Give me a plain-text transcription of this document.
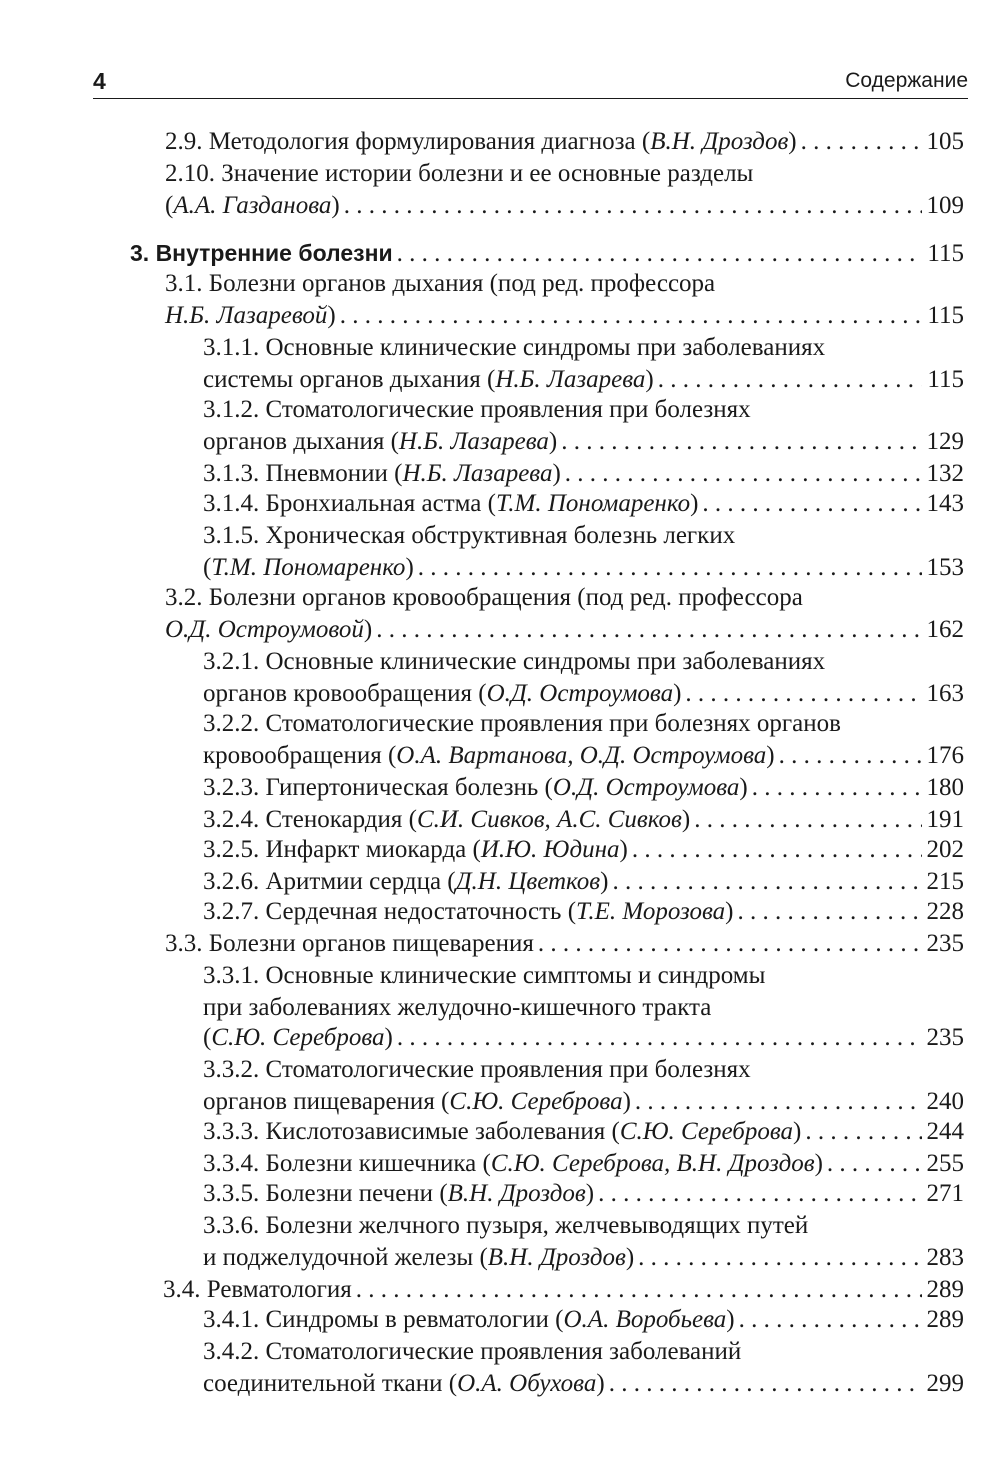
4	Содержание
2.9. Методология формулирования диагноза (В.Н. Дроздов) . . .	105
2.10. Значение истории болезни и ее основные разделы
(А.А. Газданова) . . .	109
3. Внутренние болезни . . .	115
3.1. Болезни органов дыхания (под ред. профессора
Н.Б. Лазаревой) . . .	115
3.1.1. Основные клинические синдромы при заболеваниях
системы органов дыхания (Н.Б. Лазарева) . . .	115
3.1.2. Стоматологические проявления при болезнях
органов дыхания (Н.Б. Лазарева) . . .	129
3.1.3. Пневмонии (Н.Б. Лазарева) . . .	132
3.1.4. Бронхиальная астма (Т.М. Пономаренко) . . .	143
3.1.5. Хроническая обструктивная болезнь легких
(Т.М. Пономаренко) . . .	153
3.2. Болезни органов кровообращения (под ред. профессора
О.Д. Остроумовой) . . .	162
3.2.1. Основные клинические синдромы при заболеваниях
органов кровообращения (О.Д. Остроумова) . . .	163
3.2.2. Стоматологические проявления при болезнях органов
кровообращения (О.А. Вартанова, О.Д. Остроумова) . . .	176
3.2.3. Гипертоническая болезнь (О.Д. Остроумова) . . .	180
3.2.4. Стенокардия (С.И. Сивков, А.С. Сивков) . . .	191
3.2.5. Инфаркт миокарда (И.Ю. Юдина) . . .	202
3.2.6. Аритмии сердца (Д.Н. Цветков) . . .	215
3.2.7. Сердечная недостаточность (Т.Е. Морозова) . . .	228
3.3. Болезни органов пищеварения . . .	235
3.3.1. Основные клинические симптомы и синдромы
при заболеваниях желудочно-кишечного тракта
(С.Ю. Сереброва) . . .	235
3.3.2. Стоматологические проявления при болезнях
органов пищеварения (С.Ю. Сереброва) . . .	240
3.3.3. Кислотозависимые заболевания (С.Ю. Сереброва) . . .	244
3.3.4. Болезни кишечника (С.Ю. Сереброва, В.Н. Дроздов) . . .	255
3.3.5. Болезни печени (В.Н. Дроздов) . . .	271
3.3.6. Болезни желчного пузыря, желчевыводящих путей
и поджелудочной железы (В.Н. Дроздов) . . .	283
3.4. Ревматология . . .	289
3.4.1. Синдромы в ревматологии (О.А. Воробьева) . . .	289
3.4.2. Стоматологические проявления заболеваний
соединительной ткани (О.А. Обухова) . . .	299
